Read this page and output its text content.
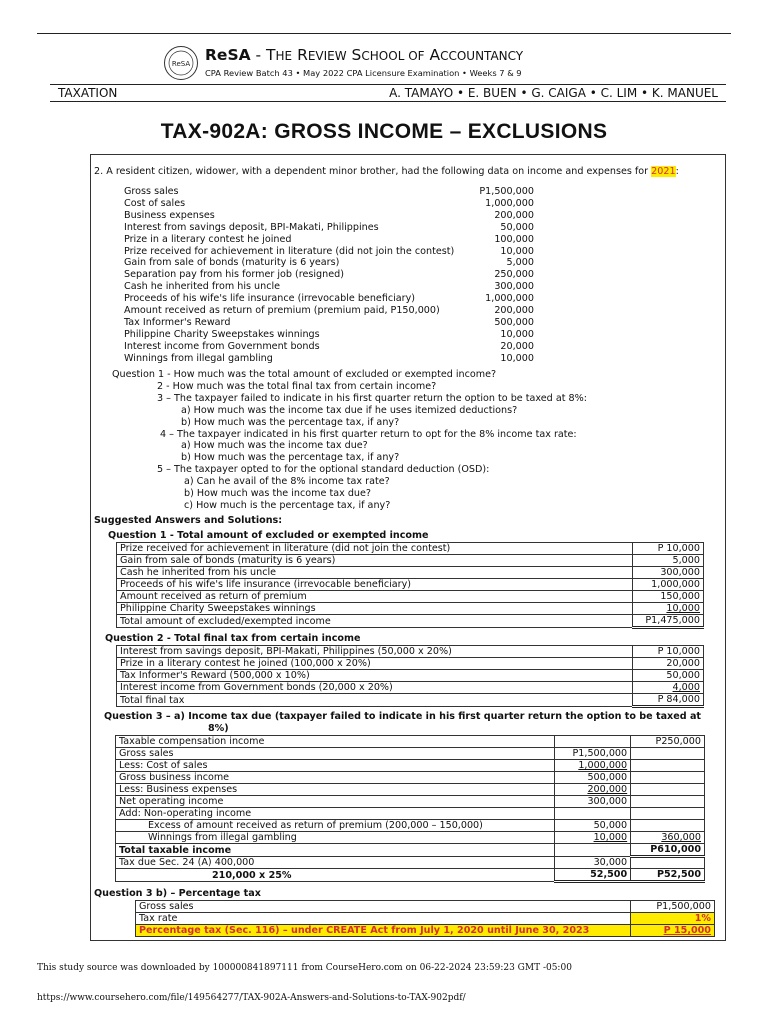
ReSA ReSA - THE REVIEW SCHOOL OF ACCOUNTANCY
CPA Review Batch 43 • May 2022 CPA Licensure Examination • Weeks 7 & 9
TAXATION	A. TAMAYO • E. BUEN • G. CAIGA • C. LIM • K. MANUEL
TAX-902A: GROSS INCOME – EXCLUSIONS
2. A resident citizen, widower, with a dependent minor brother, had the following data on income and expenses for 2021:
Gross sales	P1,500,000
Cost of sales	1,000,000
Business expenses	200,000
Interest from savings deposit, BPI-Makati, Philippines	50,000
Prize in a literary contest he joined	100,000
Prize received for achievement in literature (did not join the contest)	10,000
Gain from sale of bonds (maturity is 6 years)	5,000
Separation pay from his former job (resigned)	250,000
Cash he inherited from his uncle	300,000
Proceeds of his wife's life insurance (irrevocable beneficiary)	1,000,000
Amount received as return of premium (premium paid, P150,000)	200,000
Tax Informer's Reward	500,000
Philippine Charity Sweepstakes winnings	10,000
Interest income from Government bonds	20,000
Winnings from illegal gambling	10,000
Question 1 - How much was the total amount of excluded or exempted income?
2 - How much was the total final tax from certain income?
3 – The taxpayer failed to indicate in his first quarter return the option to be taxed at 8%:
a) How much was the income tax due if he uses itemized deductions?
b) How much was the percentage tax, if any?
4 – The taxpayer indicated in his first quarter return to opt for the 8% income tax rate:
a) How much was the income tax due?
b) How much was the percentage tax, if any?
5 – The taxpayer opted to for the optional standard deduction (OSD):
a) Can he avail of the 8% income tax rate?
b) How much was the income tax due?
c) How much is the percentage tax, if any?
Suggested Answers and Solutions:
Question 1 - Total amount of excluded or exempted income
Prize received for achievement in literature (did not join the contest)	P 10,000
Gain from sale of bonds (maturity is 6 years)	5,000
Cash he inherited from his uncle	300,000
Proceeds of his wife's life insurance (irrevocable beneficiary)	1,000,000
Amount received as return of premium	150,000
Philippine Charity Sweepstakes winnings	10,000
Total amount of excluded/exempted income	P1,475,000
Question 2 - Total final tax from certain income
Interest from savings deposit, BPI-Makati, Philippines (50,000 x 20%)	P 10,000
Prize in a literary contest he joined (100,000 x 20%)	20,000
Tax Informer's Reward (500,000 x 10%)	50,000
Interest income from Government bonds (20,000 x 20%)	4,000
Total final tax	P 84,000
Question 3 – a) Income tax due (taxpayer failed to indicate in his first quarter return the option to be taxed at
8%)
Taxable compensation income		P250,000
Gross sales	P1,500,000	
Less: Cost of sales	1,000,000	
Gross business income	500,000	
Less: Business expenses	200,000	
Net operating income	300,000	
Add: Non-operating income		
Excess of amount received as return of premium (200,000 – 150,000)	50,000	
Winnings from illegal gambling	10,000	360,000
Total taxable income		P610,000
Tax due Sec. 24 (A) 400,000	30,000	
210,000 x 25%	52,500	P52,500
Question 3 b) – Percentage tax
Gross sales	P1,500,000
Tax rate	1%
Percentage tax (Sec. 116) – under CREATE Act from July 1, 2020 until June 30, 2023	P 15,000
This study source was downloaded by 100000841897111 from CourseHero.com on 06-22-2024 23:59:23 GMT -05:00
https://www.coursehero.com/file/149564277/TAX-902A-Answers-and-Solutions-to-TAX-902pdf/
